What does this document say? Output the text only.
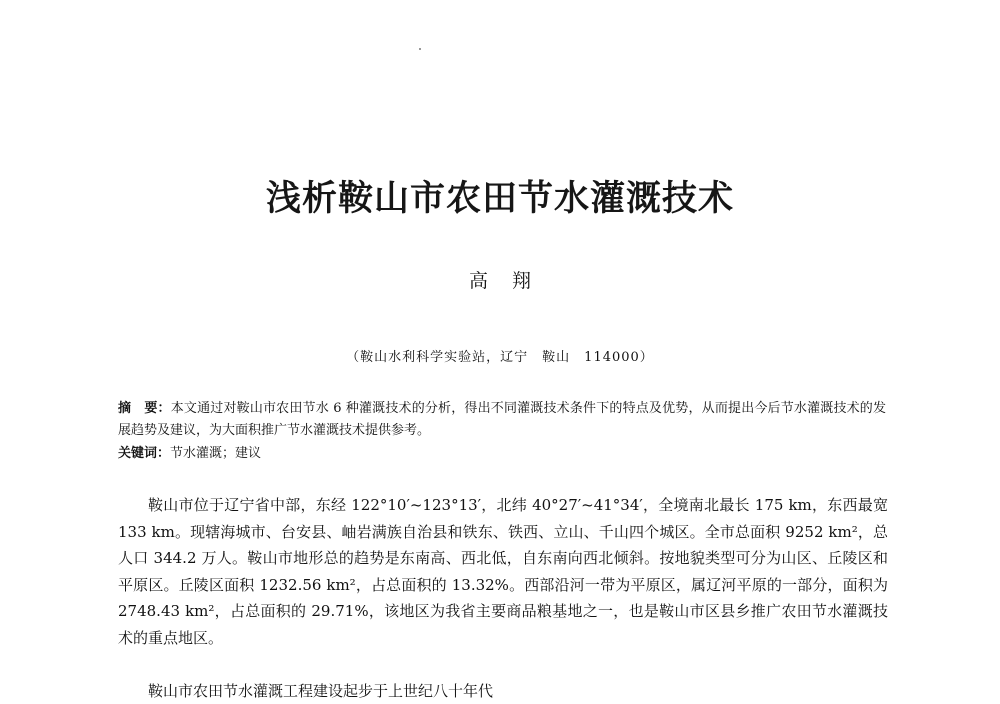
浅析鞍山市农田节水灌溉技术
高翔
（鞍山水利科学实验站，辽宁　鞍山　114000）
摘　要：本文通过对鞍山市农田节水 6 种灌溉技术的分析，得出不同灌溉技术条件下的特点及优势，从而提出今后节水灌溉技术的发展趋势及建议，为大面积推广节水灌溉技术提供参考。
关键词：节水灌溉；建议

鞍山市位于辽宁省中部，东经 122°10′~123°13′，北纬 40°27′~41°34′，全境南北最长 175 km，东西最宽 133 km。现辖海城市、台安县、岫岩满族自治县和铁东、铁西、立山、千山四个城区。全市总面积 9252 km²，总人口 344.2 万人。鞍山市地形总的趋势是东南高、西北低，自东南向西北倾斜。按地貌类型可分为山区、丘陵区和平原区。丘陵区面积 1232.56 km²，占总面积的 13.32%。西部沿河一带为平原区，属辽河平原的一部分，面积为 2748.43 km²，占总面积的 29.71%，该地区为我省主要商品粮基地之一，也是鞍山市区县乡推广农田节水灌溉技术的重点地区。

鞍山市农田节水灌溉工程建设起步于上世纪八十年代
